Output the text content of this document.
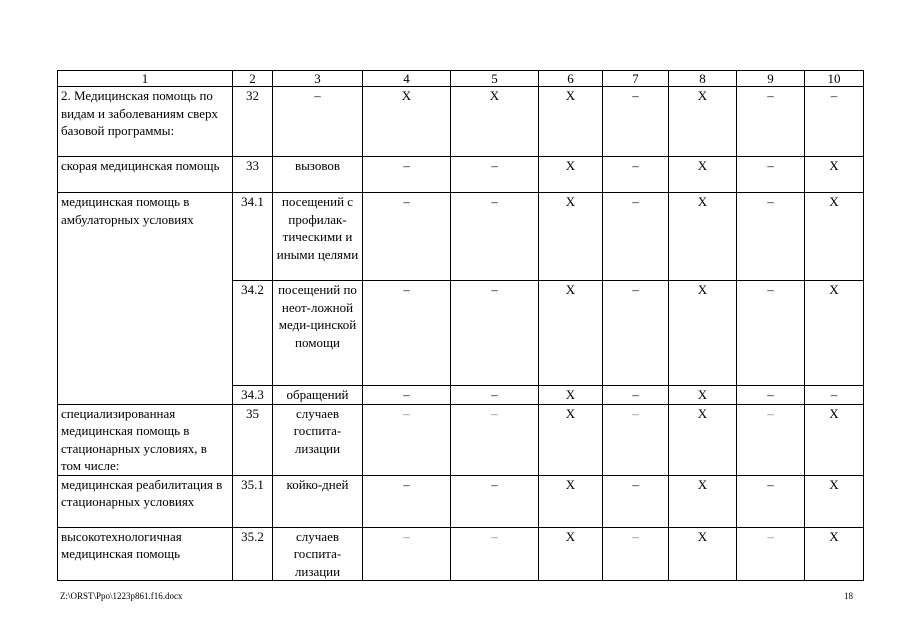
1	2	3	4	5	6	7	8	9	10
2. Медицинская помощь по видам и заболеваниям сверх базовой программы:	32	–	Х	Х	Х	–	Х	–	–
скорая медицинская помощь	33	вызовов	–	–	Х	–	Х	–	Х
медицинская помощь в амбулаторных условиях	34.1	посещений с профилак-тическими и иными целями	–	–	Х	–	Х	–	Х
	34.2	посещений по неот-ложной меди-цинской помощи	–	–	Х	–	Х	–	Х
	34.3	обращений	–	–	Х	–	Х	–	–
специализированная медицинская помощь в стационарных условиях, в том числе:	35	случаев госпита-лизации	–	–	Х	–	Х	–	Х
медицинская реабилитация в стационарных условиях	35.1	койко-дней	–	–	Х	–	Х	–	Х
высокотехнологичная медицинская помощь	35.2	случаев госпита-лизации	–	–	Х	–	Х	–	Х
Z:\ORST\Ppo\1223p861.f16.docx	18
